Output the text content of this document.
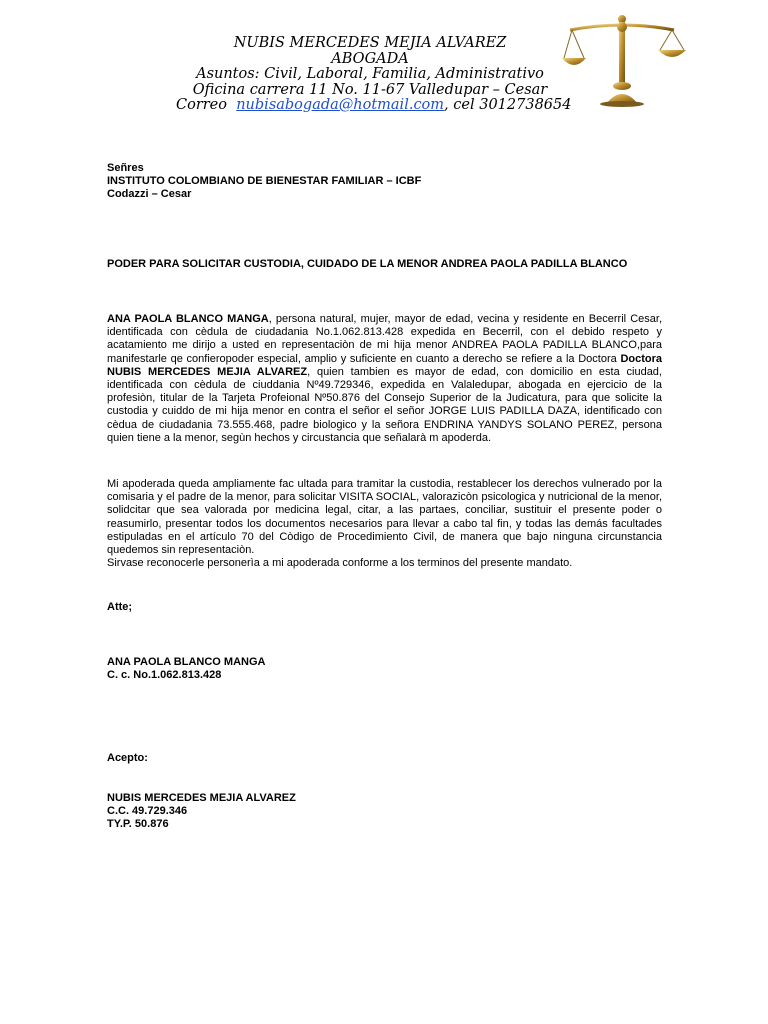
NUBIS MERCEDES MEJIA ALVAREZ
ABOGADA
Asuntos: Civil, Laboral, Familia, Administrativo
Oficina carrera 11 No. 11-67 Valledupar – Cesar
Correo nubisabogada@hotmail.com, cel 3012738654
Señres
INSTITUTO COLOMBIANO DE BIENESTAR FAMILIAR – ICBF
Codazzi – Cesar
PODER PARA SOLICITAR CUSTODIA, CUIDADO DE LA MENOR ANDREA PAOLA PADILLA BLANCO

ANA PAOLA BLANCO MANGA, persona natural, mujer, mayor de edad, vecina y residente en Becerril Cesar, identificada con cèdula de ciudadania No.1.062.813.428 expedida en Becerril, con el debido respeto y acatamiento me dirijo a usted en representaciòn de mi hija menor ANDREA PAOLA PADILLA BLANCO,para manifestarle qe confieropoder especial, amplio y suficiente en cuanto a derecho se refiere a la Doctora Doctora NUBIS MERCEDES MEJIA ALVAREZ, quien tambien es mayor de edad, con domicilio en esta ciudad, identificada con cèdula de ciuddania Nº49.729346, expedida en Valaledupar, abogada en ejercicio de la profesiòn, titular de la Tarjeta Profeional Nº50.876 del Consejo Superior de la Judicatura, para que solicite la custodia y cuiddo de mi hija menor en contra el señor el señor JORGE LUIS PADILLA DAZA, identificado con cèdua de ciudadania 73.555.468, padre biologico y la señora ENDRINA YANDYS SOLANO PEREZ, persona quien tiene a la menor, segùn hechos y circustancia que señalarà m apoderda.

Mi apoderada queda ampliamente fac ultada para tramitar la custodia, restablecer los derechos vulnerado por la comisaria y el padre de la menor, para solicitar VISITA SOCIAL, valorazicòn psicologica y nutricional de la menor, solidcitar que sea valorada por medicina legal, citar, a las partaes, conciliar, sustituir el presente poder o reasumirlo, presentar todos los documentos necesarios para llevar a cabo tal fin, y todas las demás facultades estipuladas en el artículo 70 del Còdigo de Procedimiento Civil, de manera que bajo ninguna circunstancia quedemos sin representaciòn.

Sirvase reconocerle personerìa a mi apoderada conforme a los terminos del presente mandato.

Atte;
ANA PAOLA BLANCO MANGA
C. c. No.1.062.813.428
Acepto:
NUBIS MERCEDES MEJIA ALVAREZ
C.C. 49.729.346
TY.P. 50.876
